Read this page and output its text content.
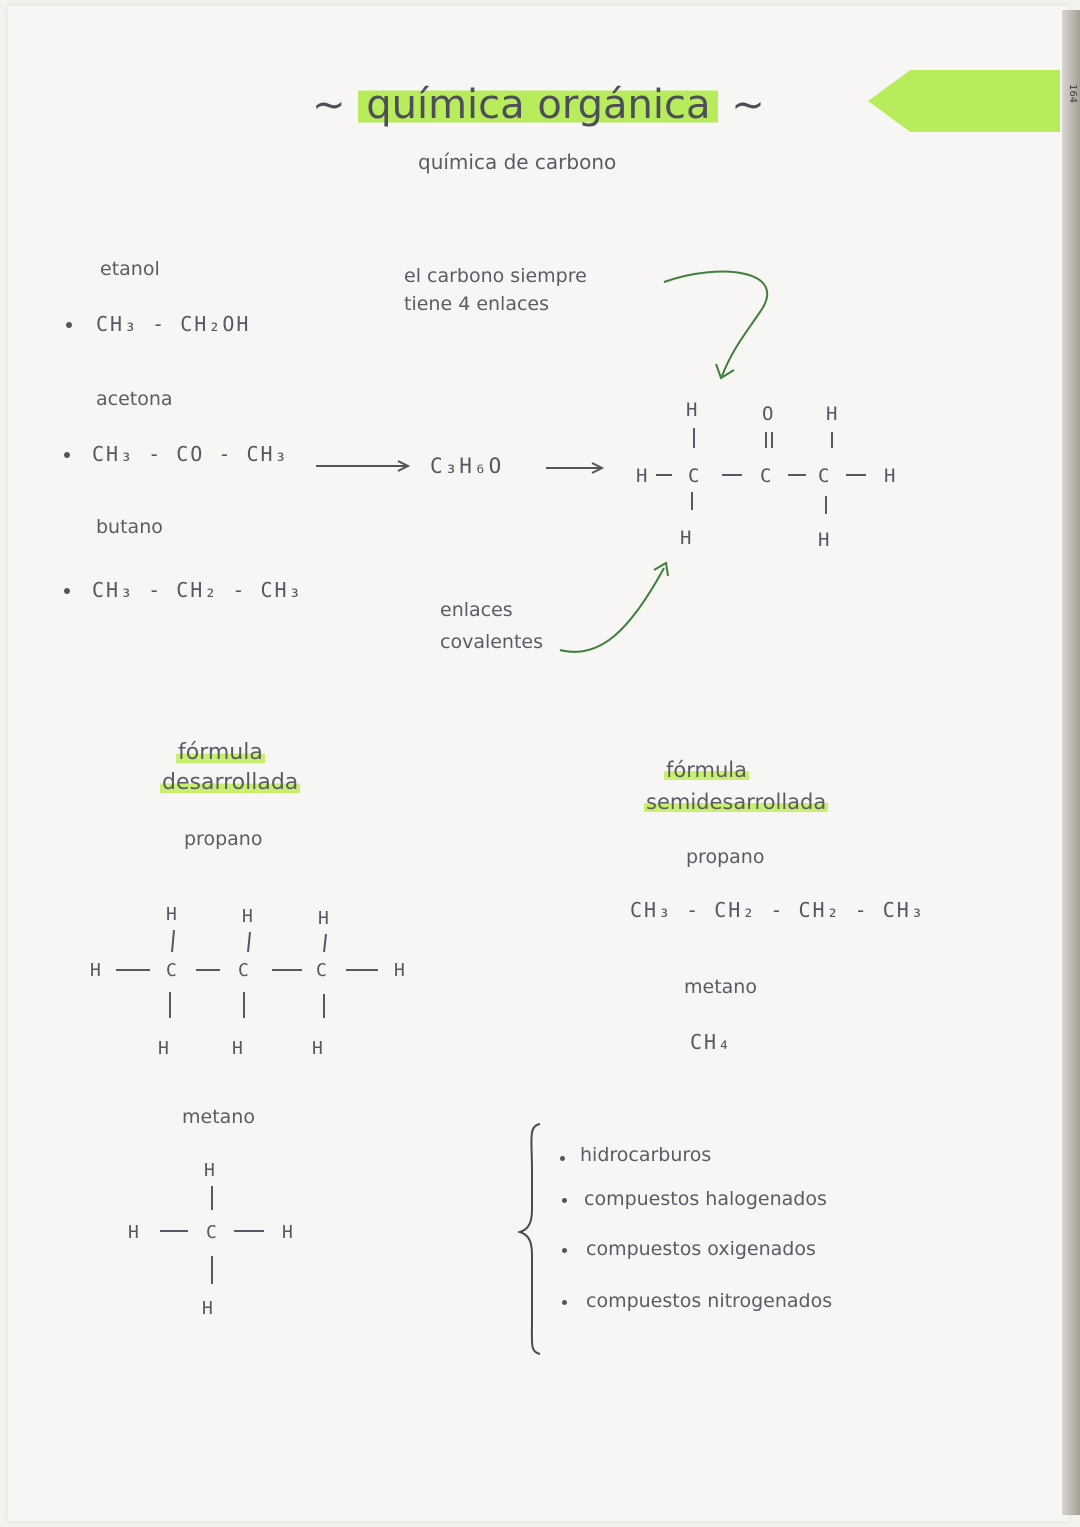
164
~ química orgánica ~
química de carbono
etanol
CH₃ - CH₂OH
acetona
CH₃ - CO - CH₃
butano
CH₃ - CH₂ - CH₃
C₃H₆O
el carbono siempre
tiene 4 enlaces
enlaces
covalentes
H	O	H
H C	C C	H
H	H
fórmula
desarrollada
propano
H	H	H
H	C	C	C	H
H	H	H
metano
H
H	C	H
H
fórmula
semidesarrollada
propano
CH₃ - CH₂ - CH₂ - CH₃
metano
CH₄
hidrocarburos
compuestos halogenados
compuestos oxigenados
compuestos nitrogenados
